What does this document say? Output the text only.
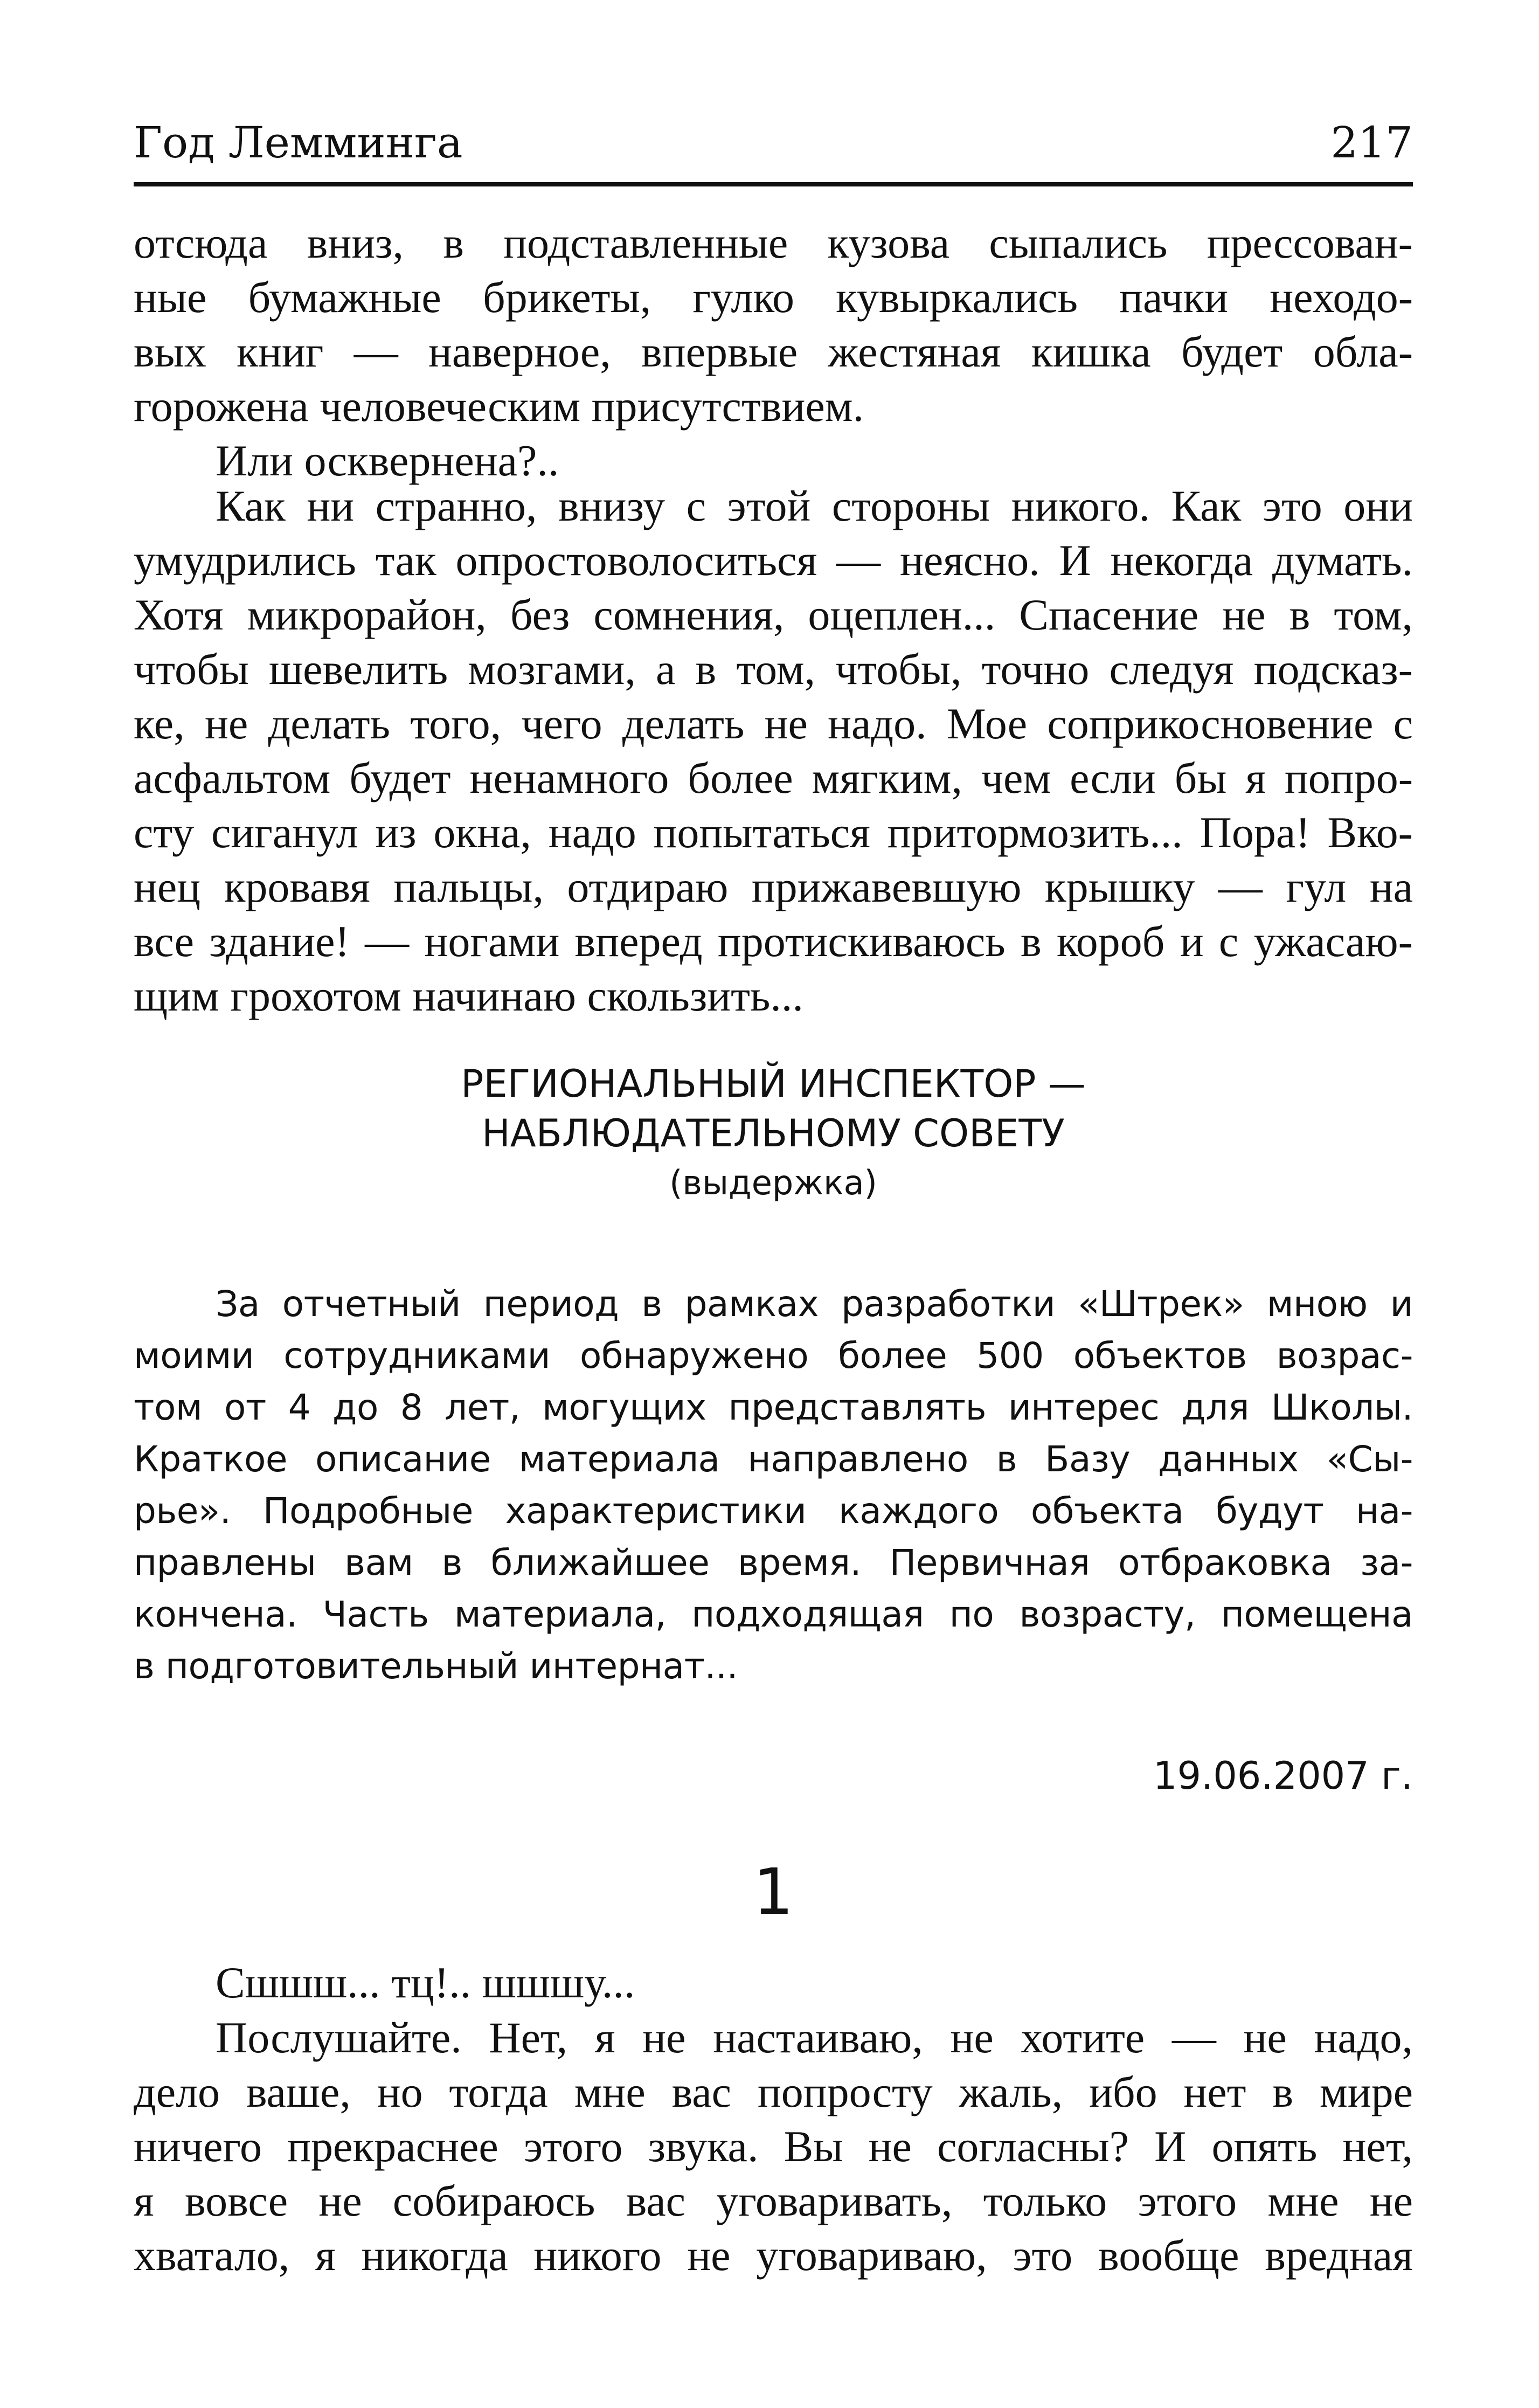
Год Лемминга	217
отсюда вниз, в подставленные кузова сыпались прессован-
ные бумажные брикеты, гулко кувыркались пачки неходо-
вых книг — наверное, впервые жестяная кишка будет обла-
горожена человеческим присутствием.
Или осквернена?..
Как ни странно, внизу с этой стороны никого. Как это они
умудрились так опростоволоситься — неясно. И некогда думать.
Хотя микрорайон, без сомнения, оцеплен... Спасение не в том,
чтобы шевелить мозгами, а в том, чтобы, точно следуя подсказ-
ке, не делать того, чего делать не надо. Мое соприкосновение с
асфальтом будет ненамного более мягким, чем если бы я попро-
сту сиганул из окна, надо попытаться притормозить... Пора! Вко-
нец кровавя пальцы, отдираю прижавевшую крышку — гул на
все здание! — ногами вперед протискиваюсь в короб и с ужасаю-
щим грохотом начинаю скользить...
РЕГИОНАЛЬНЫЙ ИНСПЕКТОР —
НАБЛЮДАТЕЛЬНОМУ СОВЕТУ
(выдержка)
За отчетный период в рамках разработки «Штрек» мною и
моими сотрудниками обнаружено более 500 объектов возрас-
том от 4 до 8 лет, могущих представлять интерес для Школы.
Краткое описание материала направлено в Базу данных «Сы-
рье». Подробные характеристики каждого объекта будут на-
правлены вам в ближайшее время. Первичная отбраковка за-
кончена. Часть материала, подходящая по возрасту, помещена
в подготовительный интернат...
19.06.2007 г.
1
Сшшш... тц!.. шшшу...
Послушайте. Нет, я не настаиваю, не хотите — не надо,
дело ваше, но тогда мне вас попросту жаль, ибо нет в мире
ничего прекраснее этого звука. Вы не согласны? И опять нет,
я вовсе не собираюсь вас уговаривать, только этого мне не
хватало, я никогда никого не уговариваю, это вообще вредная
